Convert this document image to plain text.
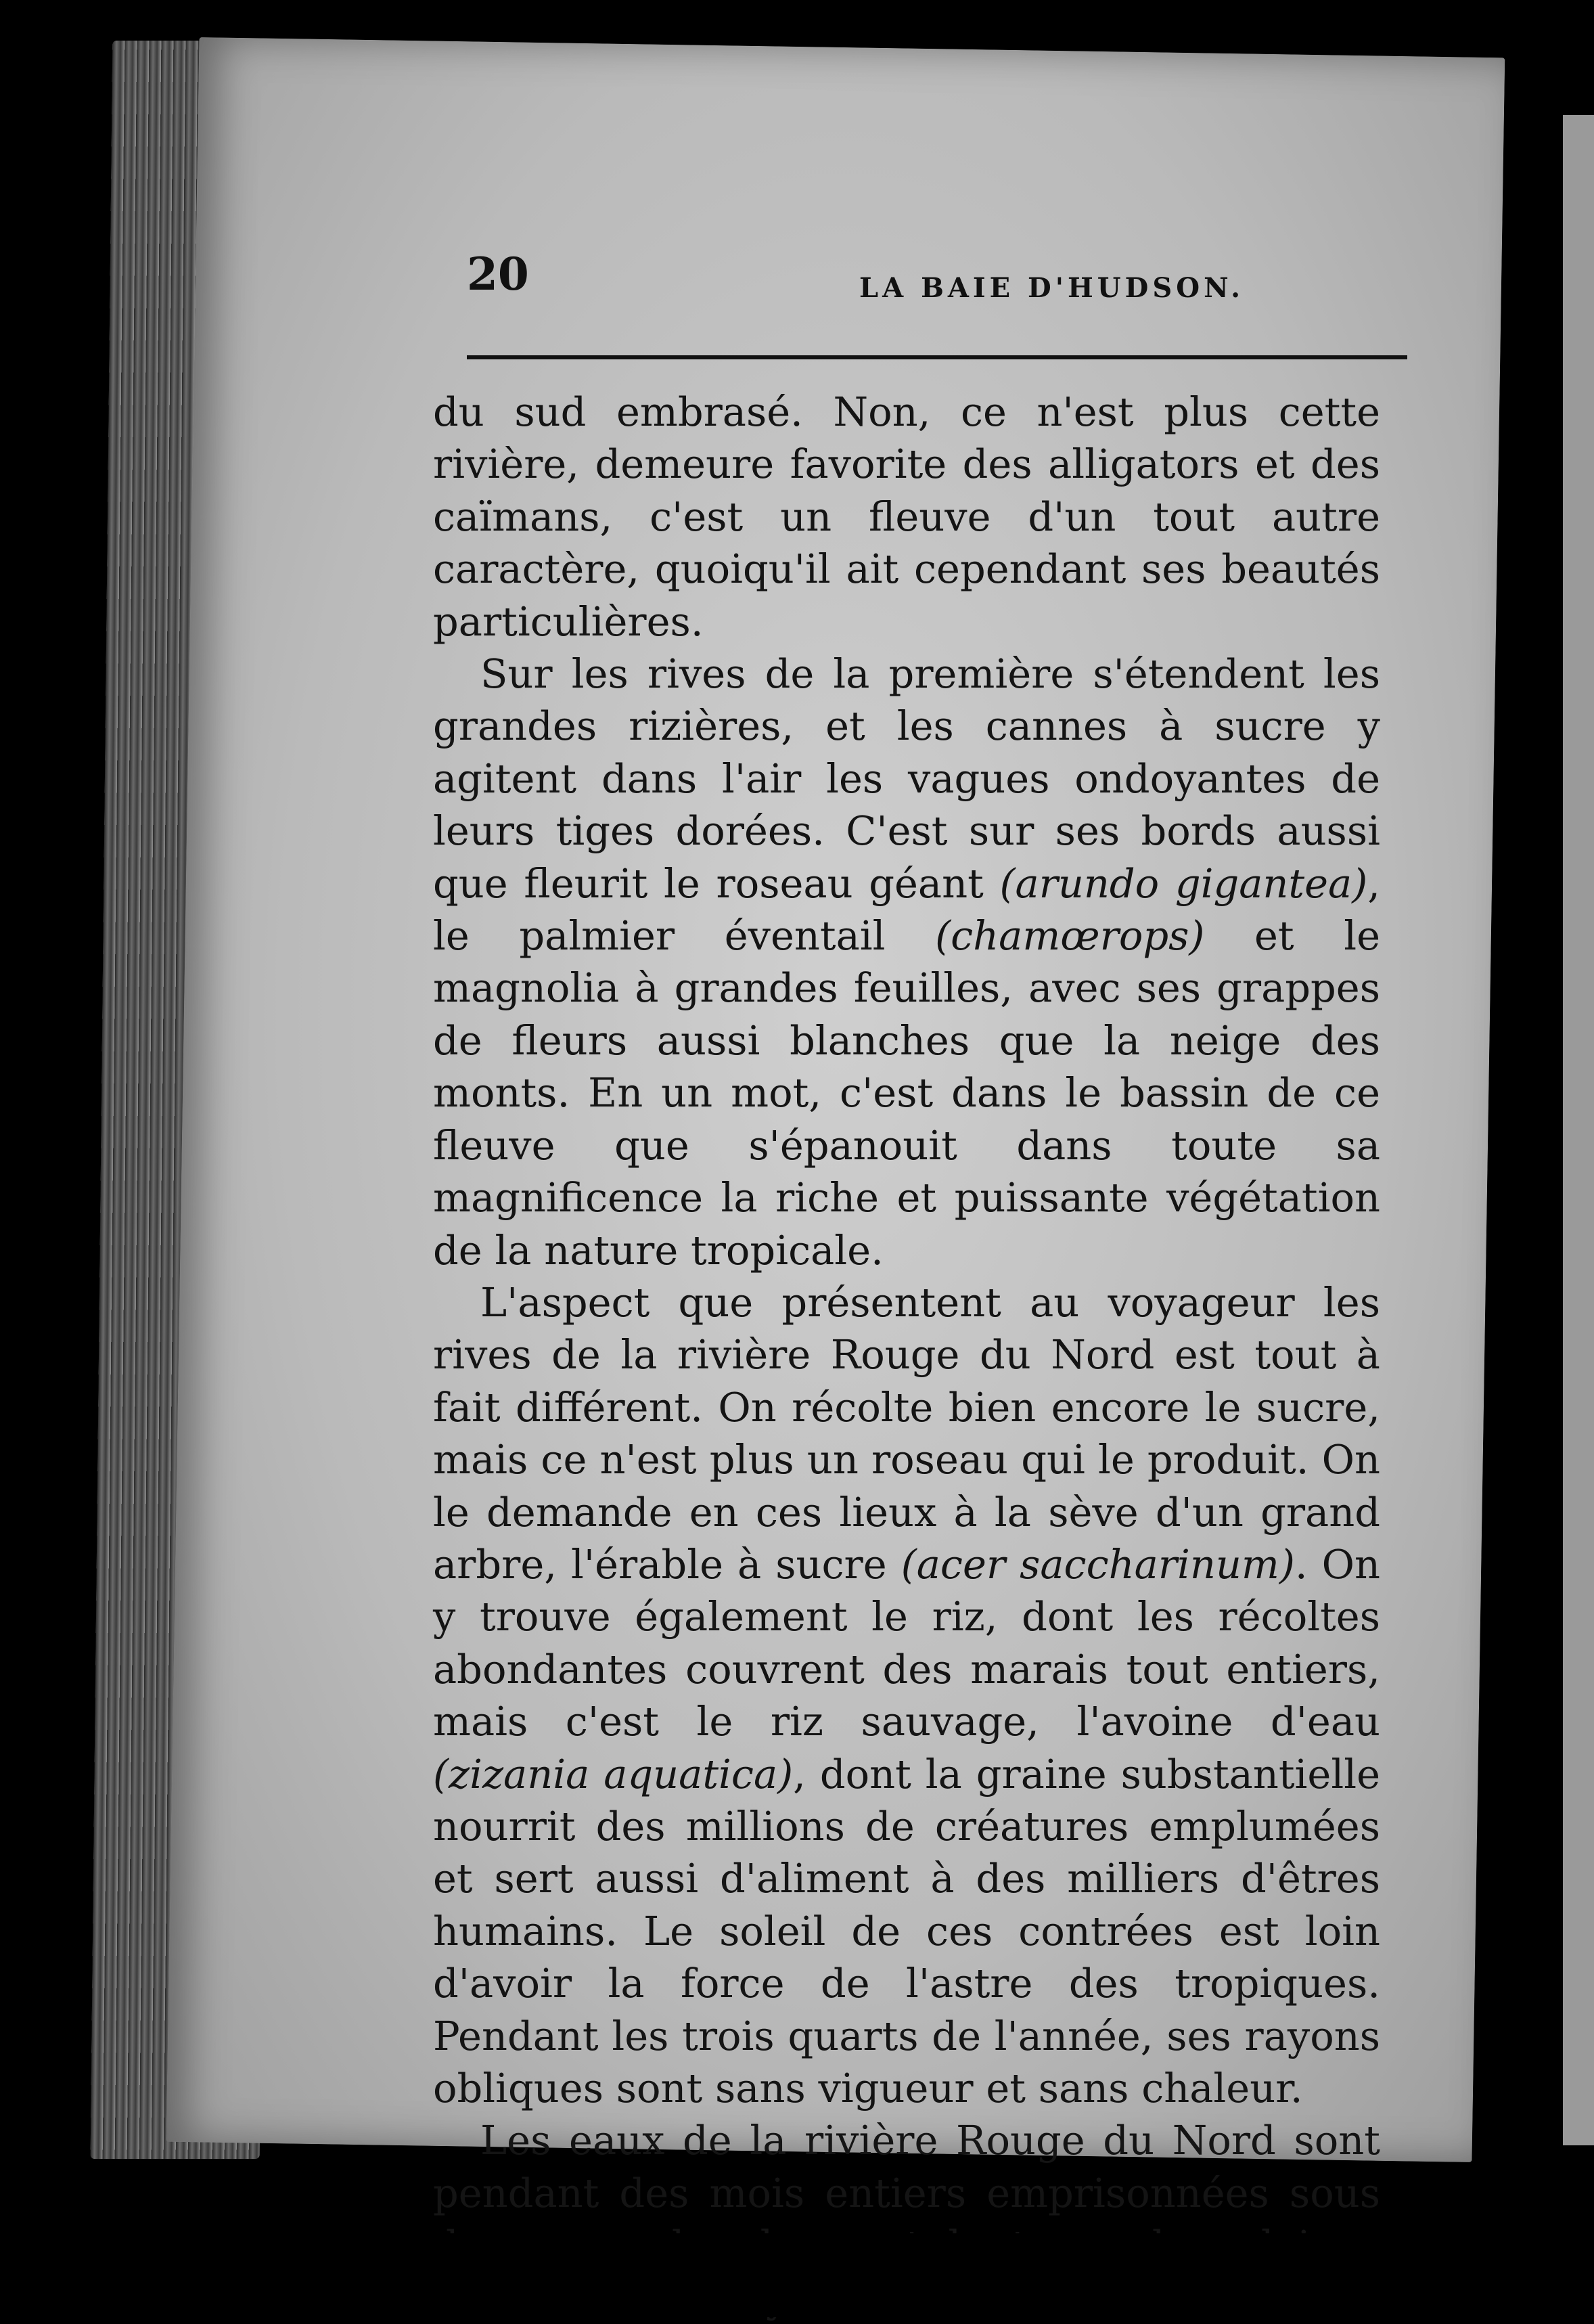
20	LA BAIE D'HUDSON.

du sud embrasé. Non, ce n'est plus cette rivière, demeure favorite des alligators et des caïmans, c'est un fleuve d'un tout autre caractère, quoiqu'il ait cependant ses beautés particulières.

Sur les rives de la première s'étendent les grandes rizières, et les cannes à sucre y agitent dans l'air les vagues ondoyantes de leurs tiges dorées. C'est sur ses bords aussi que fleurit le roseau géant (arundo gigantea), le palmier éventail (chamœrops) et le magnolia à grandes feuilles, avec ses grappes de fleurs aussi blanches que la neige des monts. En un mot, c'est dans le bassin de ce fleuve que s'épanouit dans toute sa magnificence la riche et puissante végétation de la nature tropicale.

L'aspect que présentent au voyageur les rives de la rivière Rouge du Nord est tout à fait différent. On récolte bien encore le sucre, mais ce n'est plus un roseau qui le produit. On le demande en ces lieux à la sève d'un grand arbre, l'érable à sucre (acer saccharinum). On y trouve également le riz, dont les récoltes abondantes couvrent des marais tout entiers, mais c'est le riz sauvage, l'avoine d'eau (zizania aquatica), dont la graine substantielle nourrit des millions de créatures emplumées et sert aussi d'aliment à des milliers d'êtres humains. Le soleil de ces contrées est loin d'avoir la force de l'astre des tropiques. Pendant les trois quarts de l'année, ses rayons obliques sont sans vigueur et sans chaleur.

Les eaux de la rivière Rouge du Nord sont pendant des mois entiers emprisonnées sous
